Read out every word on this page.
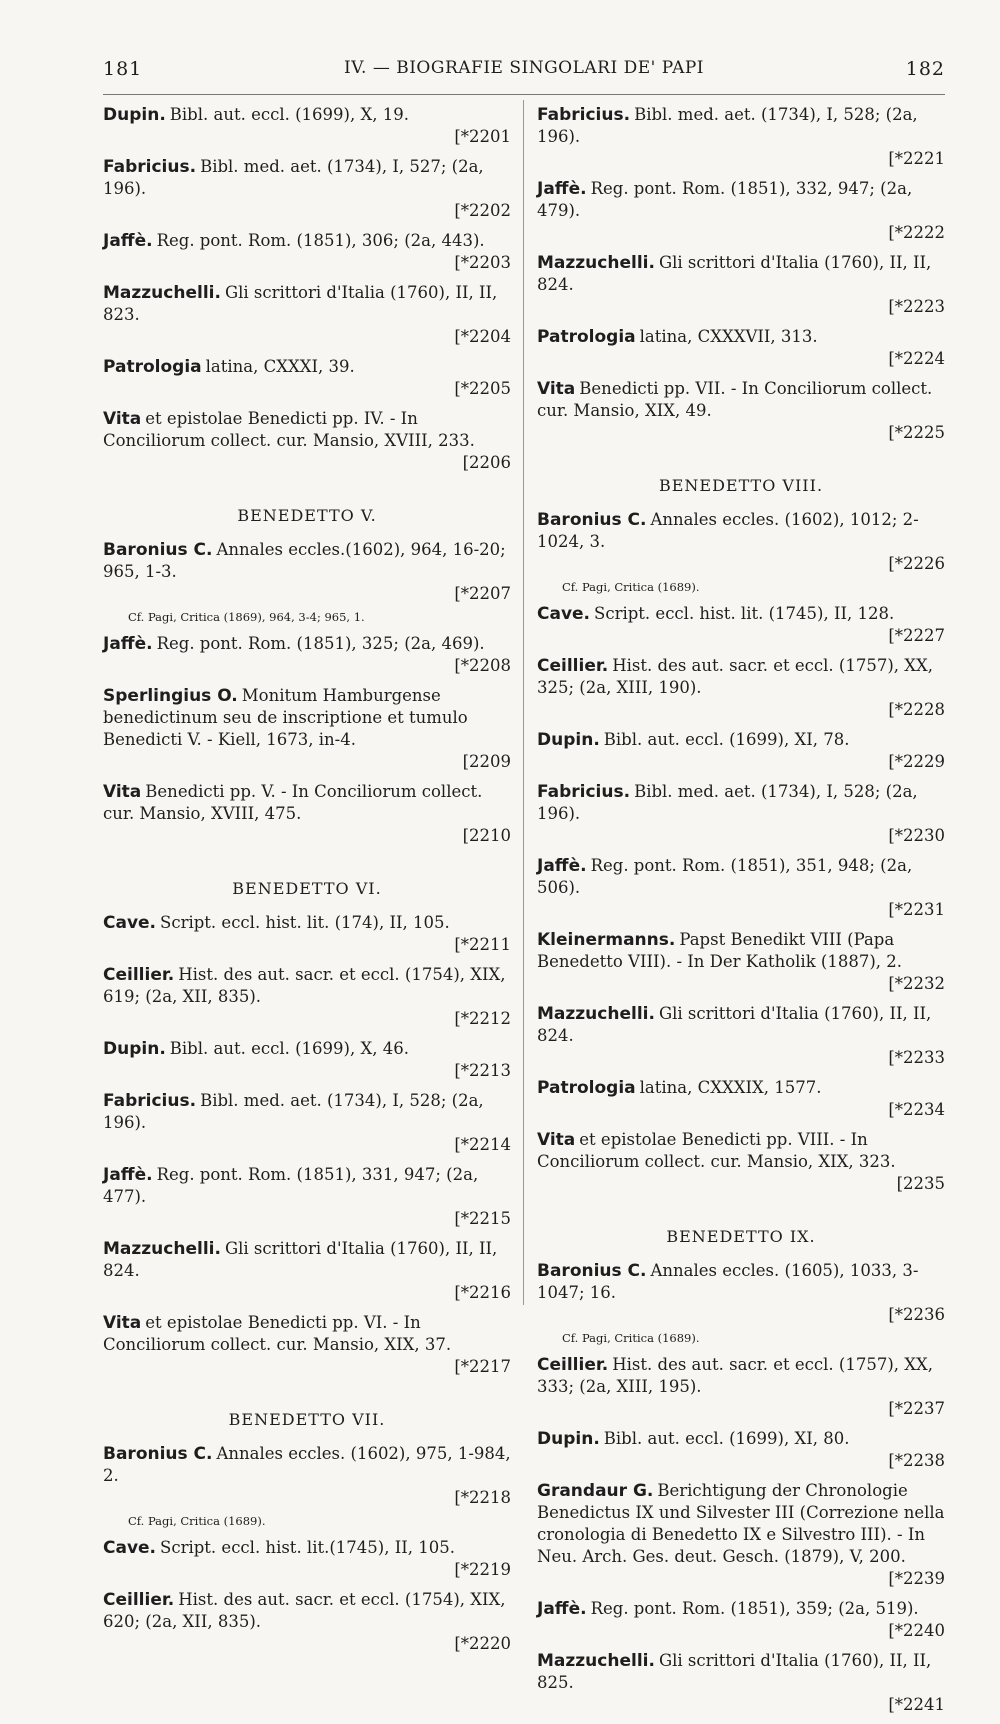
181	IV. — BIOGRAFIE SINGOLARI DE' PAPI	182
Dupin. Bibl. aut. eccl. (1699), X, 19.
[*2201
Fabricius. Bibl. med. aet. (1734), I, 527; (2a, 196).
[*2202
Jaffè. Reg. pont. Rom. (1851), 306; (2a, 443).
[*2203
Mazzuchelli. Gli scrittori d'Italia (1760), II, II, 823.
[*2204
Patrologia latina, CXXXI, 39.
[*2205
Vita et epistolae Benedicti pp. IV. - In Conciliorum collect. cur. Mansio, XVIII, 233.
[2206
BENEDETTO V.
Baronius C. Annales eccles.(1602), 964, 16-20; 965, 1-3.
[*2207
Cf. Pagi, Critica (1869), 964, 3-4; 965, 1.
Jaffè. Reg. pont. Rom. (1851), 325; (2a, 469).
[*2208
Sperlingius O. Monitum Hamburgense benedictinum seu de inscriptione et tumulo Benedicti V. - Kiell, 1673, in-4.
[2209
Vita Benedicti pp. V. - In Conciliorum collect. cur. Mansio, XVIII, 475.
[2210
BENEDETTO VI.
Cave. Script. eccl. hist. lit. (174), II, 105.
[*2211
Ceillier. Hist. des aut. sacr. et eccl. (1754), XIX, 619; (2a, XII, 835).
[*2212
Dupin. Bibl. aut. eccl. (1699), X, 46.
[*2213
Fabricius. Bibl. med. aet. (1734), I, 528; (2a, 196).
[*2214
Jaffè. Reg. pont. Rom. (1851), 331, 947; (2a, 477).
[*2215
Mazzuchelli. Gli scrittori d'Italia (1760), II, II, 824.
[*2216
Vita et epistolae Benedicti pp. VI. - In Conciliorum collect. cur. Mansio, XIX, 37.
[*2217
BENEDETTO VII.
Baronius C. Annales eccles. (1602), 975, 1-984, 2.
[*2218
Cf. Pagi, Critica (1689).
Cave. Script. eccl. hist. lit.(1745), II, 105.
[*2219
Ceillier. Hist. des aut. sacr. et eccl. (1754), XIX, 620; (2a, XII, 835).
[*2220
Fabricius. Bibl. med. aet. (1734), I, 528; (2a, 196).
[*2221
Jaffè. Reg. pont. Rom. (1851), 332, 947; (2a, 479).
[*2222
Mazzuchelli. Gli scrittori d'Italia (1760), II, II, 824.
[*2223
Patrologia latina, CXXXVII, 313.
[*2224
Vita Benedicti pp. VII. - In Conciliorum collect. cur. Mansio, XIX, 49.
[*2225
BENEDETTO VIII.
Baronius C. Annales eccles. (1602), 1012; 2-1024, 3.
[*2226
Cf. Pagi, Critica (1689).
Cave. Script. eccl. hist. lit. (1745), II, 128.
[*2227
Ceillier. Hist. des aut. sacr. et eccl. (1757), XX, 325; (2a, XIII, 190).
[*2228
Dupin. Bibl. aut. eccl. (1699), XI, 78.
[*2229
Fabricius. Bibl. med. aet. (1734), I, 528; (2a, 196).
[*2230
Jaffè. Reg. pont. Rom. (1851), 351, 948; (2a, 506).
[*2231
Kleinermanns. Papst Benedikt VIII (Papa Benedetto VIII). - In Der Katholik (1887), 2.
[*2232
Mazzuchelli. Gli scrittori d'Italia (1760), II, II, 824.
[*2233
Patrologia latina, CXXXIX, 1577.
[*2234
Vita et epistolae Benedicti pp. VIII. - In Conciliorum collect. cur. Mansio, XIX, 323.
[2235
BENEDETTO IX.
Baronius C. Annales eccles. (1605), 1033, 3-1047; 16.
[*2236
Cf. Pagi, Critica (1689).
Ceillier. Hist. des aut. sacr. et eccl. (1757), XX, 333; (2a, XIII, 195).
[*2237
Dupin. Bibl. aut. eccl. (1699), XI, 80.
[*2238
Grandaur G. Berichtigung der Chronologie Benedictus IX und Silvester III (Correzione nella cronologia di Benedetto IX e Silvestro III). - In Neu. Arch. Ges. deut. Gesch. (1879), V, 200.
[*2239
Jaffè. Reg. pont. Rom. (1851), 359; (2a, 519).
[*2240
Mazzuchelli. Gli scrittori d'Italia (1760), II, II, 825.
[*2241
